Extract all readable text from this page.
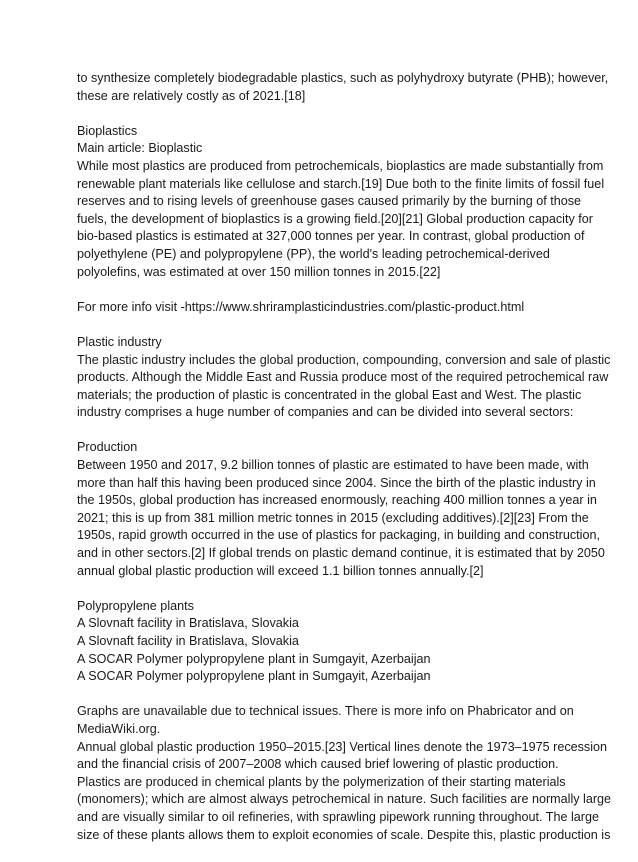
to synthesize completely biodegradable plastics, such as polyhydroxy butyrate (PHB); however,
these are relatively costly as of 2021.[18]
Bioplastics
Main article: Bioplastic
While most plastics are produced from petrochemicals, bioplastics are made substantially from
renewable plant materials like cellulose and starch.[19] Due both to the finite limits of fossil fuel
reserves and to rising levels of greenhouse gases caused primarily by the burning of those
fuels, the development of bioplastics is a growing field.[20][21] Global production capacity for
bio-based plastics is estimated at 327,000 tonnes per year. In contrast, global production of
polyethylene (PE) and polypropylene (PP), the world's leading petrochemical-derived
polyolefins, was estimated at over 150 million tonnes in 2015.[22]
For more info visit -https://www.shriramplasticindustries.com/plastic-product.html
Plastic industry
The plastic industry includes the global production, compounding, conversion and sale of plastic
products. Although the Middle East and Russia produce most of the required petrochemical raw
materials; the production of plastic is concentrated in the global East and West. The plastic
industry comprises a huge number of companies and can be divided into several sectors:
Production
Between 1950 and 2017, 9.2 billion tonnes of plastic are estimated to have been made, with
more than half this having been produced since 2004. Since the birth of the plastic industry in
the 1950s, global production has increased enormously, reaching 400 million tonnes a year in
2021; this is up from 381 million metric tonnes in 2015 (excluding additives).[2][23] From the
1950s, rapid growth occurred in the use of plastics for packaging, in building and construction,
and in other sectors.[2] If global trends on plastic demand continue, it is estimated that by 2050
annual global plastic production will exceed 1.1 billion tonnes annually.[2]
Polypropylene plants
A Slovnaft facility in Bratislava, Slovakia
A Slovnaft facility in Bratislava, Slovakia
A SOCAR Polymer polypropylene plant in Sumgayit, Azerbaijan
A SOCAR Polymer polypropylene plant in Sumgayit, Azerbaijan
Graphs are unavailable due to technical issues. There is more info on Phabricator and on
MediaWiki.org.
Annual global plastic production 1950–2015.[23] Vertical lines denote the 1973–1975 recession
and the financial crisis of 2007–2008 which caused brief lowering of plastic production.
Plastics are produced in chemical plants by the polymerization of their starting materials
(monomers); which are almost always petrochemical in nature. Such facilities are normally large
and are visually similar to oil refineries, with sprawling pipework running throughout. The large
size of these plants allows them to exploit economies of scale. Despite this, plastic production is
